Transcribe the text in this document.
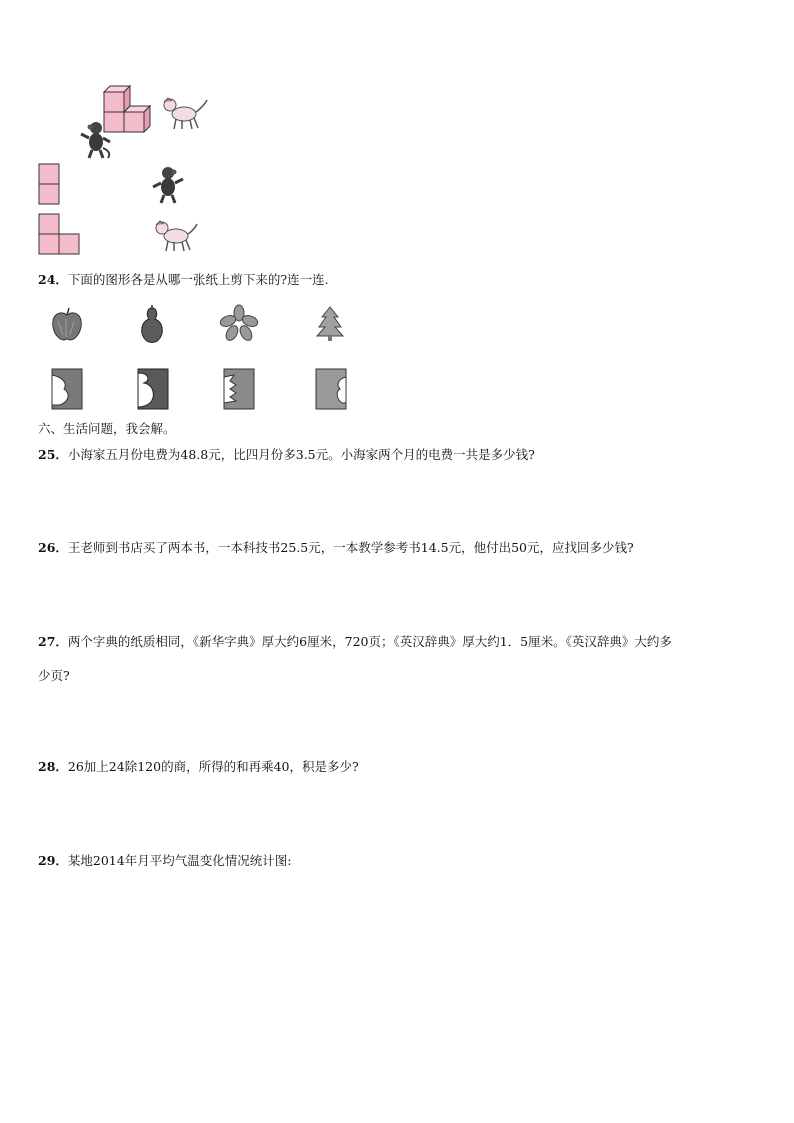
24．下面的图形各是从哪一张纸上剪下来的?连一连.
六、生活问题，我会解。
25．小海家五月份电费为48.8元，比四月份多3.5元。小海家两个月的电费一共是多少钱?
26．王老师到书店买了两本书，一本科技书25.5元，一本教学参考书14.5元，他付出50元，应找回多少钱?
27．两个字典的纸质相同，《新华字典》厚大约6厘米，720页；《英汉辞典》厚大约1．5厘米。《英汉辞典》大约多
少页?
28．26加上24除120的商，所得的和再乘40，积是多少?
29．某地2014年月平均气温变化情况统计图:
